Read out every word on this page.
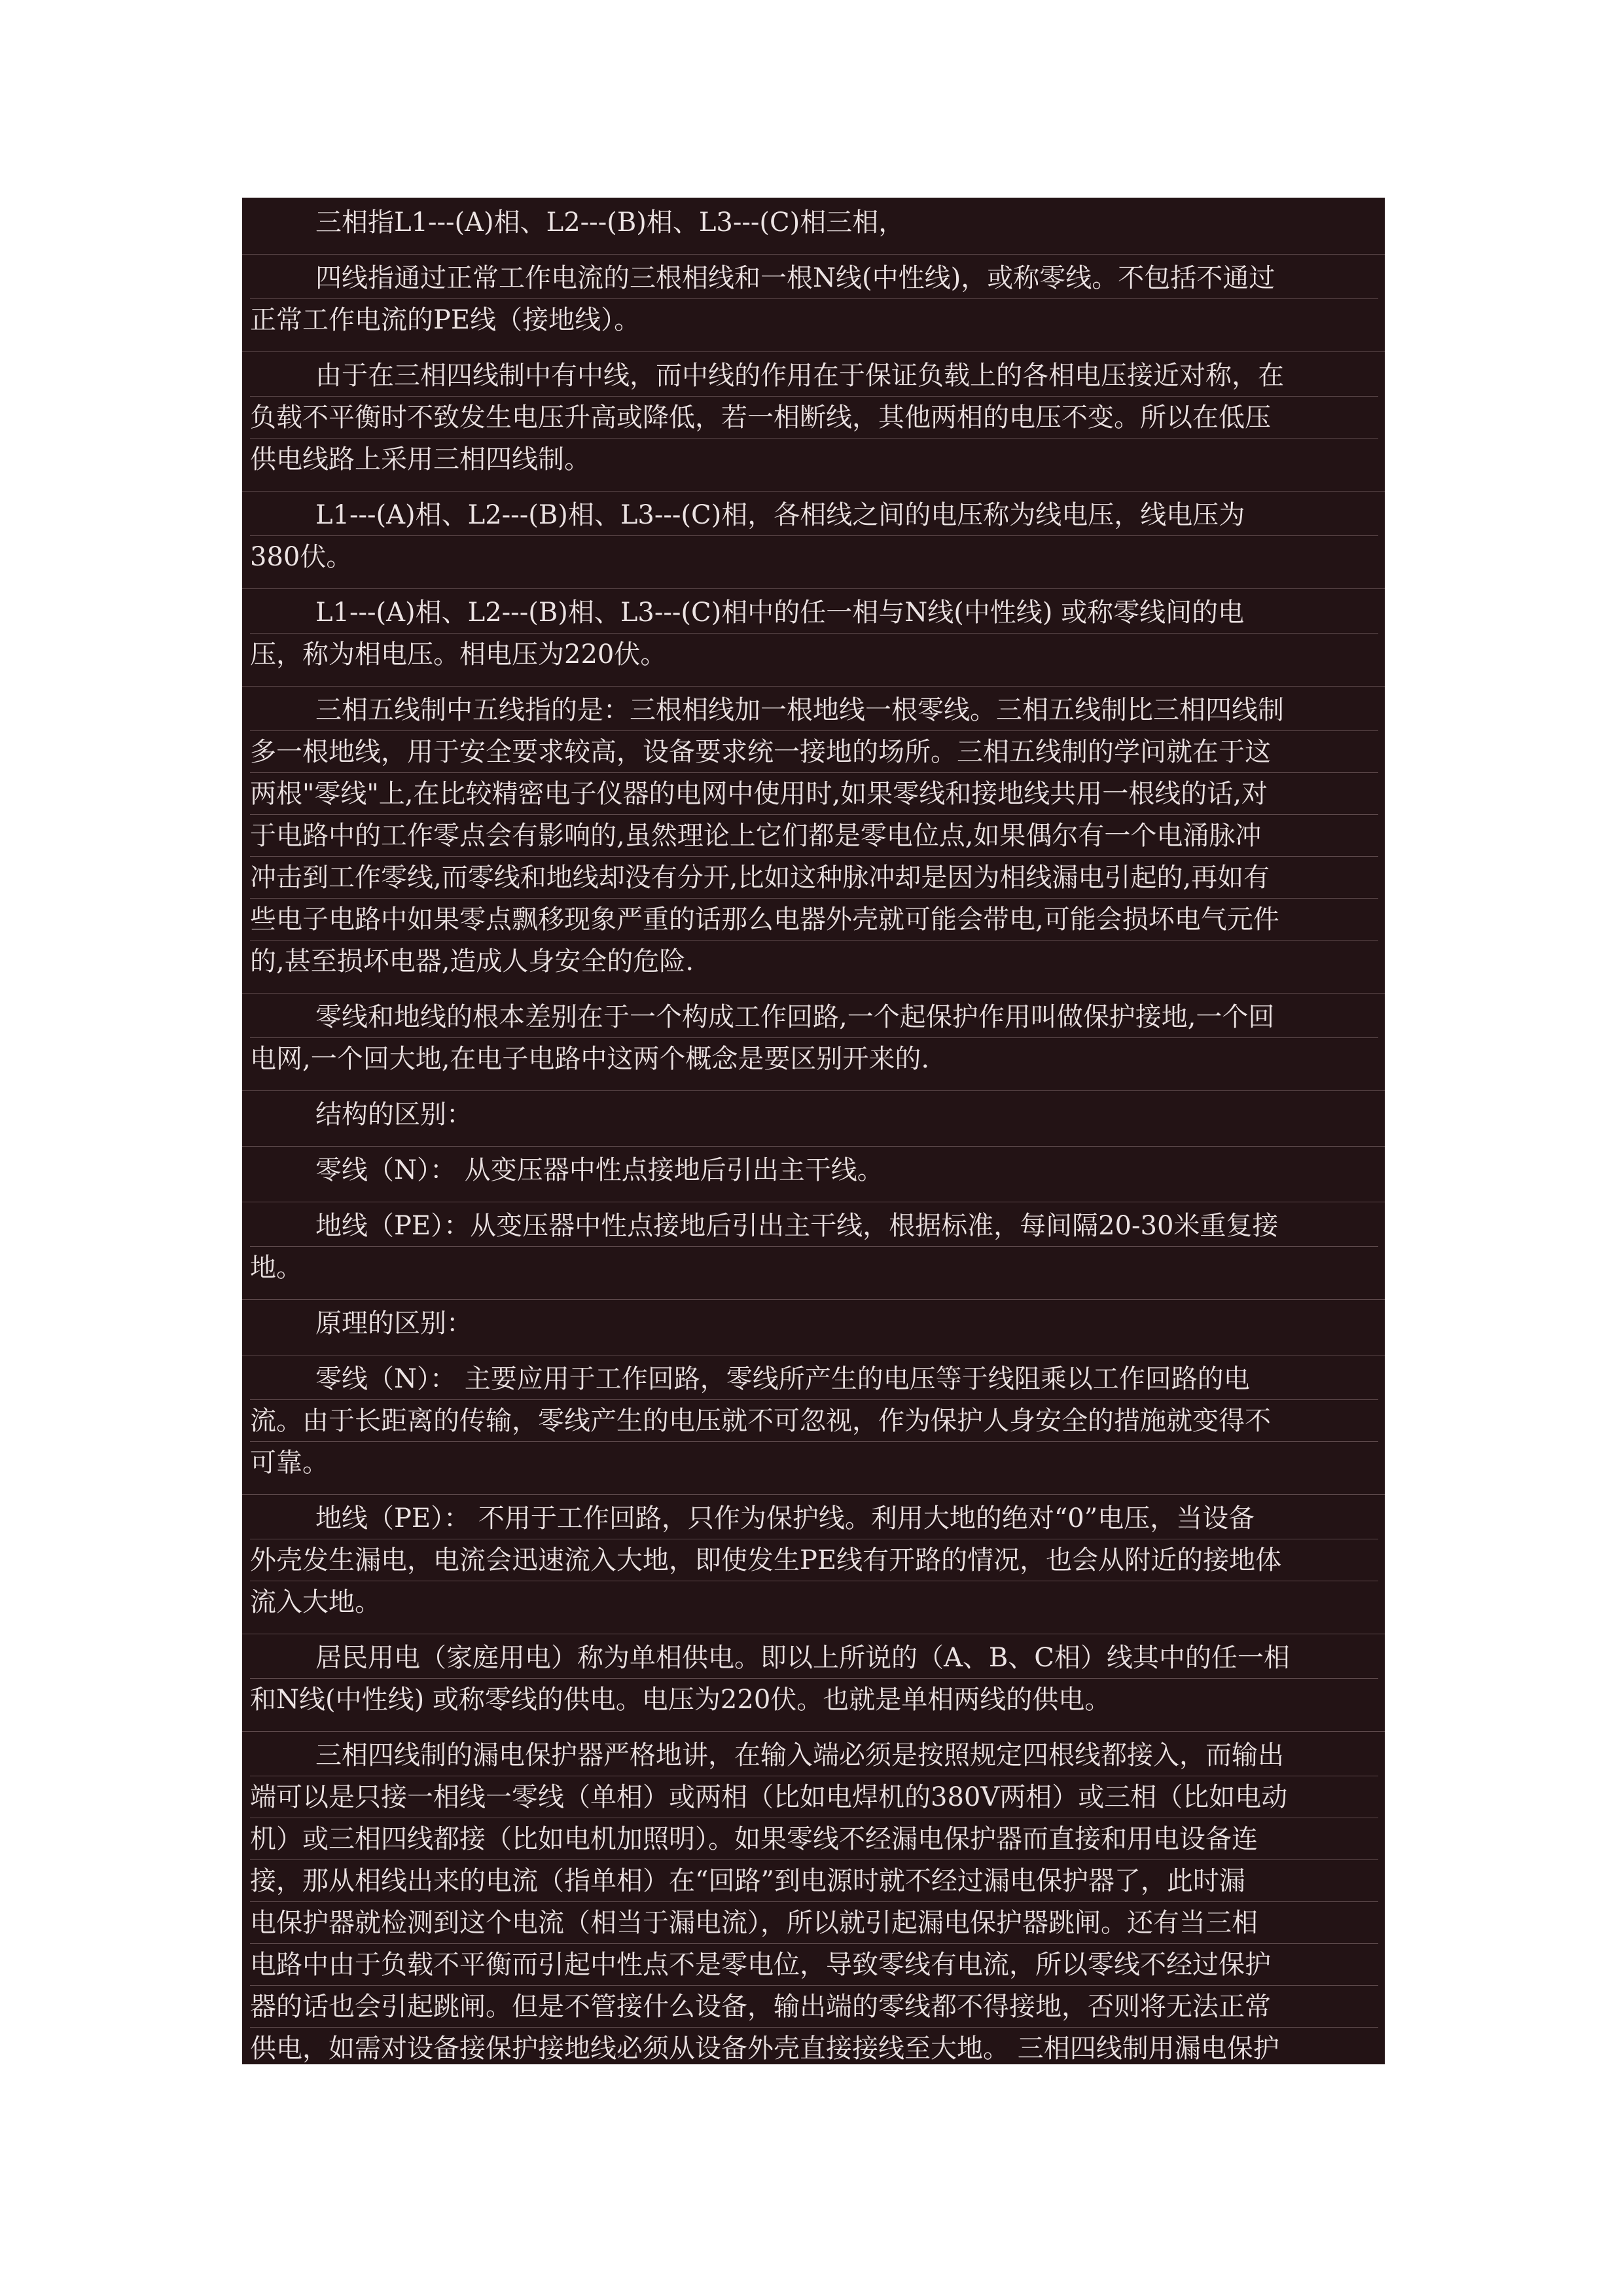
三相指L1---(A)相、L2---(B)相、L3---(C)相三相，
四线指通过正常工作电流的三根相线和一根N线(中性线)，或称零线。不包括不通过
正常工作电流的PE线（接地线）。
由于在三相四线制中有中线，而中线的作用在于保证负载上的各相电压接近对称，在
负载不平衡时不致发生电压升高或降低，若一相断线，其他两相的电压不变。所以在低压
供电线路上采用三相四线制。
L1---(A)相、L2---(B)相、L3---(C)相，各相线之间的电压称为线电压，线电压为
380伏。
L1---(A)相、L2---(B)相、L3---(C)相中的任一相与N线(中性线) 或称零线间的电
压，称为相电压。相电压为220伏。
三相五线制中五线指的是：三根相线加一根地线一根零线。三相五线制比三相四线制
多一根地线，用于安全要求较高，设备要求统一接地的场所。三相五线制的学问就在于这
两根"零线"上,在比较精密电子仪器的电网中使用时,如果零线和接地线共用一根线的话,对
于电路中的工作零点会有影响的,虽然理论上它们都是零电位点,如果偶尔有一个电涌脉冲
冲击到工作零线,而零线和地线却没有分开,比如这种脉冲却是因为相线漏电引起的,再如有
些电子电路中如果零点飘移现象严重的话那么电器外壳就可能会带电,可能会损坏电气元件
的,甚至损坏电器,造成人身安全的危险.
零线和地线的根本差别在于一个构成工作回路,一个起保护作用叫做保护接地,一个回
电网,一个回大地,在电子电路中这两个概念是要区别开来的.
结构的区别：
零线（N）： 从变压器中性点接地后引出主干线。
地线（PE）：从变压器中性点接地后引出主干线，根据标准，每间隔20-30米重复接
地。
原理的区别：
零线（N）： 主要应用于工作回路，零线所产生的电压等于线阻乘以工作回路的电
流。由于长距离的传输，零线产生的电压就不可忽视，作为保护人身安全的措施就变得不
可靠。
地线（PE）： 不用于工作回路，只作为保护线。利用大地的绝对“0”电压，当设备
外壳发生漏电，电流会迅速流入大地，即使发生PE线有开路的情况，也会从附近的接地体
流入大地。
居民用电（家庭用电）称为单相供电。即以上所说的（A、B、C相）线其中的任一相
和N线(中性线) 或称零线的供电。电压为220伏。也就是单相两线的供电。
三相四线制的漏电保护器严格地讲，在输入端必须是按照规定四根线都接入，而输出
端可以是只接一相线一零线（单相）或两相（比如电焊机的380V两相）或三相（比如电动
机）或三相四线都接（比如电机加照明）。如果零线不经漏电保护器而直接和用电设备连
接，那从相线出来的电流（指单相）在“回路”到电源时就不经过漏电保护器了，此时漏
电保护器就检测到这个电流（相当于漏电流），所以就引起漏电保护器跳闸。还有当三相
电路中由于负载不平衡而引起中性点不是零电位，导致零线有电流，所以零线不经过保护
器的话也会引起跳闸。但是不管接什么设备，输出端的零线都不得接地，否则将无法正常
供电，如需对设备接保护接地线必须从设备外壳直接接线至大地。 三相四线制用漏电保护
